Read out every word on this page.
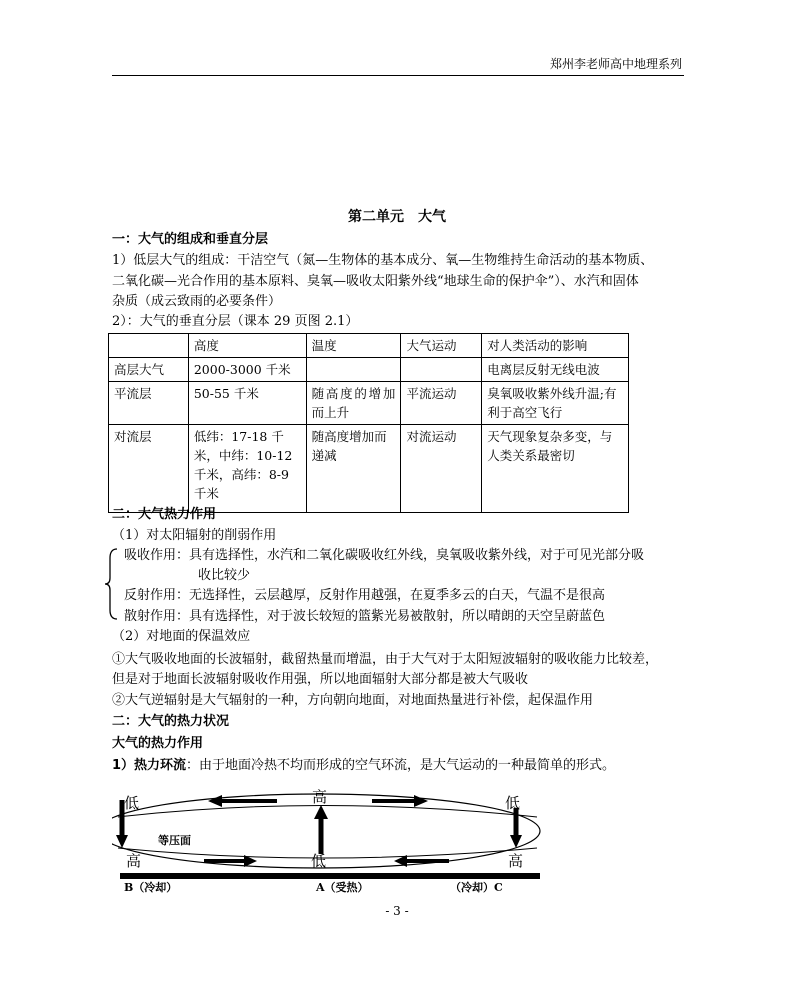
郑州李老师高中地理系列
第二单元　大气
一：大气的组成和垂直分层
1）低层大气的组成：干洁空气（氮—生物体的基本成分、氧—生物维持生命活动的基本物质、
二氧化碳—光合作用的基本原料、臭氧—吸收太阳紫外线“地球生命的保护伞”）、水汽和固体
杂质（成云致雨的必要条件）
2）：大气的垂直分层（课本 29 页图 2.1）
	高度	温度	大气运动	对人类活动的影响
高层大气	2000-3000 千米			电离层反射无线电波
平流层	50-55 千米	随高度的增加而上升	平流运动	臭氧吸收紫外线升温;有利于高空飞行
对流层	低纬：17-18 千米，中纬：10-12 千米，高纬：8-9 千米	随高度增加而递减	对流运动	天气现象复杂多变，与人类关系最密切
二：大气热力作用
（1）对太阳辐射的削弱作用
吸收作用：具有选择性，水汽和二氧化碳吸收红外线，臭氧吸收紫外线，对于可见光部分吸
收比较少
反射作用：无选择性，云层越厚，反射作用越强，在夏季多云的白天，气温不是很高
散射作用：具有选择性，对于波长较短的篮紫光易被散射，所以晴朗的天空呈蔚蓝色
（2）对地面的保温效应
①大气吸收地面的长波辐射，截留热量而增温，由于大气对于太阳短波辐射的吸收能力比较差，
但是对于地面长波辐射吸收作用强，所以地面辐射大部分都是被大气吸收
②大气逆辐射是大气辐射的一种，方向朝向地面，对地面热量进行补偿，起保温作用
二：大气的热力状况
大气的热力作用
1）热力环流：由于地面冷热不均而形成的空气环流，是大气运动的一种最简单的形式。
低	高	低
高	低	高
等压面
B（冷却）	A（受热）	（冷却）C
- 3 -
